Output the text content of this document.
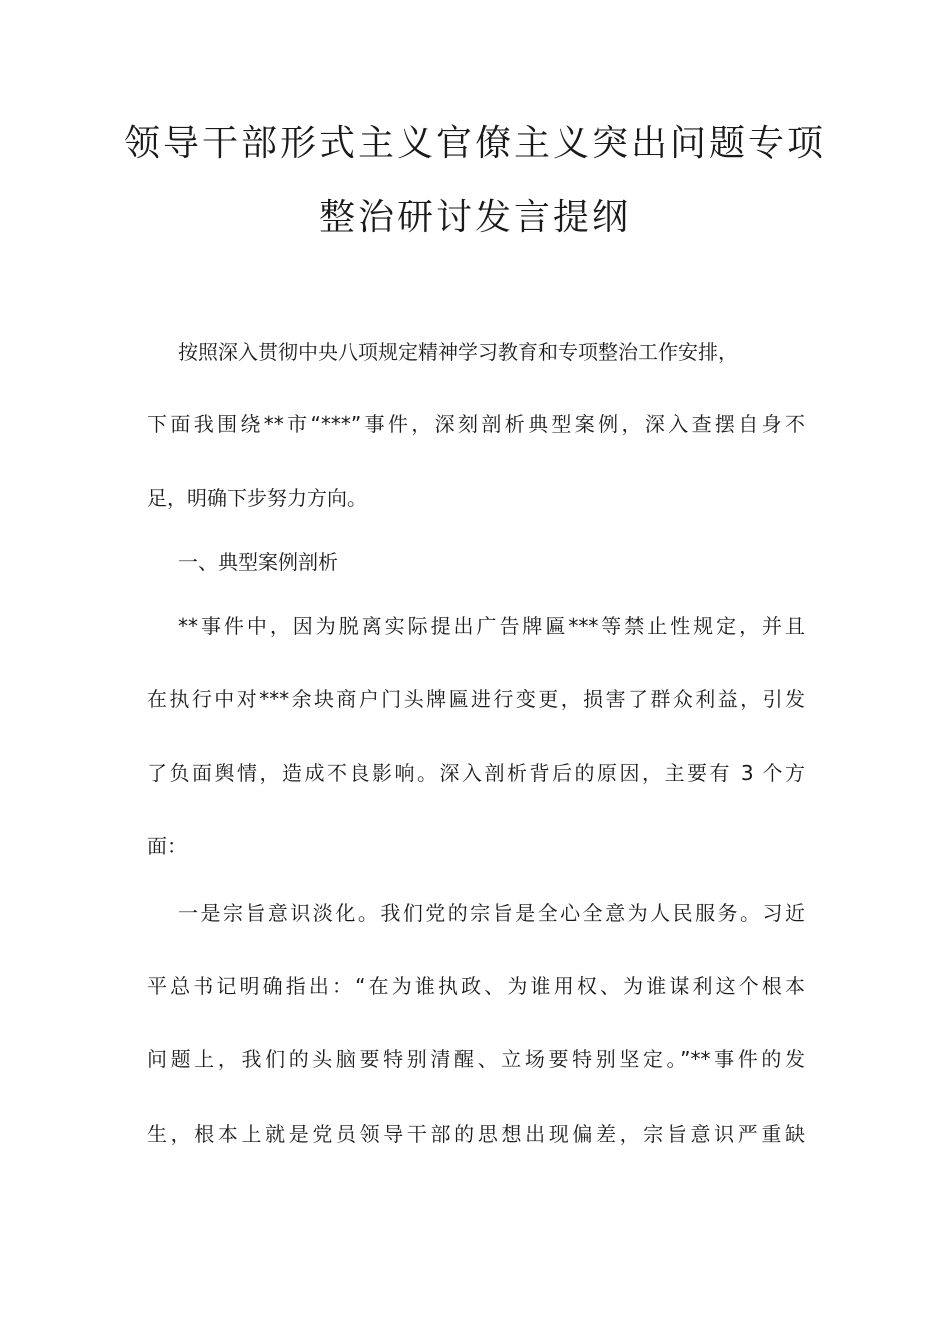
领导干部形式主义官僚主义突出问题专项
整治研讨发言提纲
按照深入贯彻中央八项规定精神学习教育和专项整治工作安排，
下面我围绕**市“***”事件，深刻剖析典型案例，深入查摆自身不
足，明确下步努力方向。
一、典型案例剖析
**事件中，因为脱离实际提出广告牌匾***等禁止性规定，并且
在执行中对***余块商户门头牌匾进行变更，损害了群众利益，引发
了负面舆情，造成不良影响。深入剖析背后的原因，主要有 3 个方
面：
一是宗旨意识淡化。我们党的宗旨是全心全意为人民服务。习近
平总书记明确指出：“在为谁执政、为谁用权、为谁谋利这个根本
问题上，我们的头脑要特别清醒、立场要特别坚定。”**事件的发
生，根本上就是党员领导干部的思想出现偏差，宗旨意识严重缺
